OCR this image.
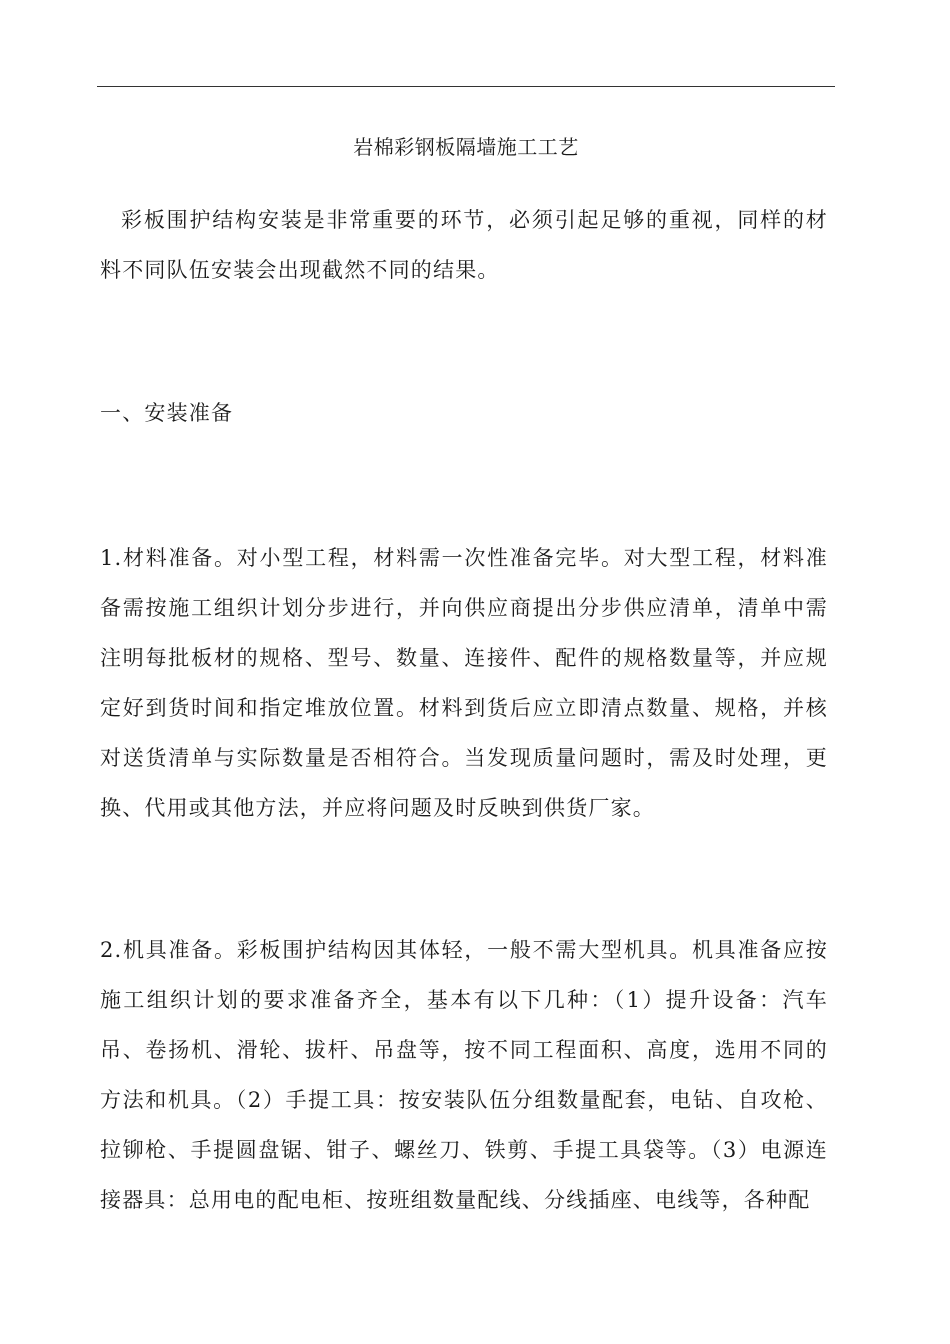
岩棉彩钢板隔墙施工工艺

彩板围护结构安装是非常重要的环节，必须引起足够的重视，同样的材料不同队伍安装会出现截然不同的结果。

一、安装准备

1.材料准备。对小型工程，材料需一次性准备完毕。对大型工程，材料准备需按施工组织计划分步进行，并向供应商提出分步供应清单，清单中需注明每批板材的规格、型号、数量、连接件、配件的规格数量等，并应规定好到货时间和指定堆放位置。材料到货后应立即清点数量、规格，并核对送货清单与实际数量是否相符合。当发现质量问题时，需及时处理，更换、代用或其他方法，并应将问题及时反映到供货厂家。

2.机具准备。彩板围护结构因其体轻，一般不需大型机具。机具准备应按施工组织计划的要求准备齐全，基本有以下几种：（1）提升设备：汽车吊、卷扬机、滑轮、拔杆、吊盘等，按不同工程面积、高度，选用不同的方法和机具。（2）手提工具：按安装队伍分组数量配套，电钻、自攻枪、拉铆枪、手提圆盘锯、钳子、螺丝刀、铁剪、手提工具袋等。（3）电源连接器具：总用电的配电柜、按班组数量配线、分线插座、电线等，各种配
